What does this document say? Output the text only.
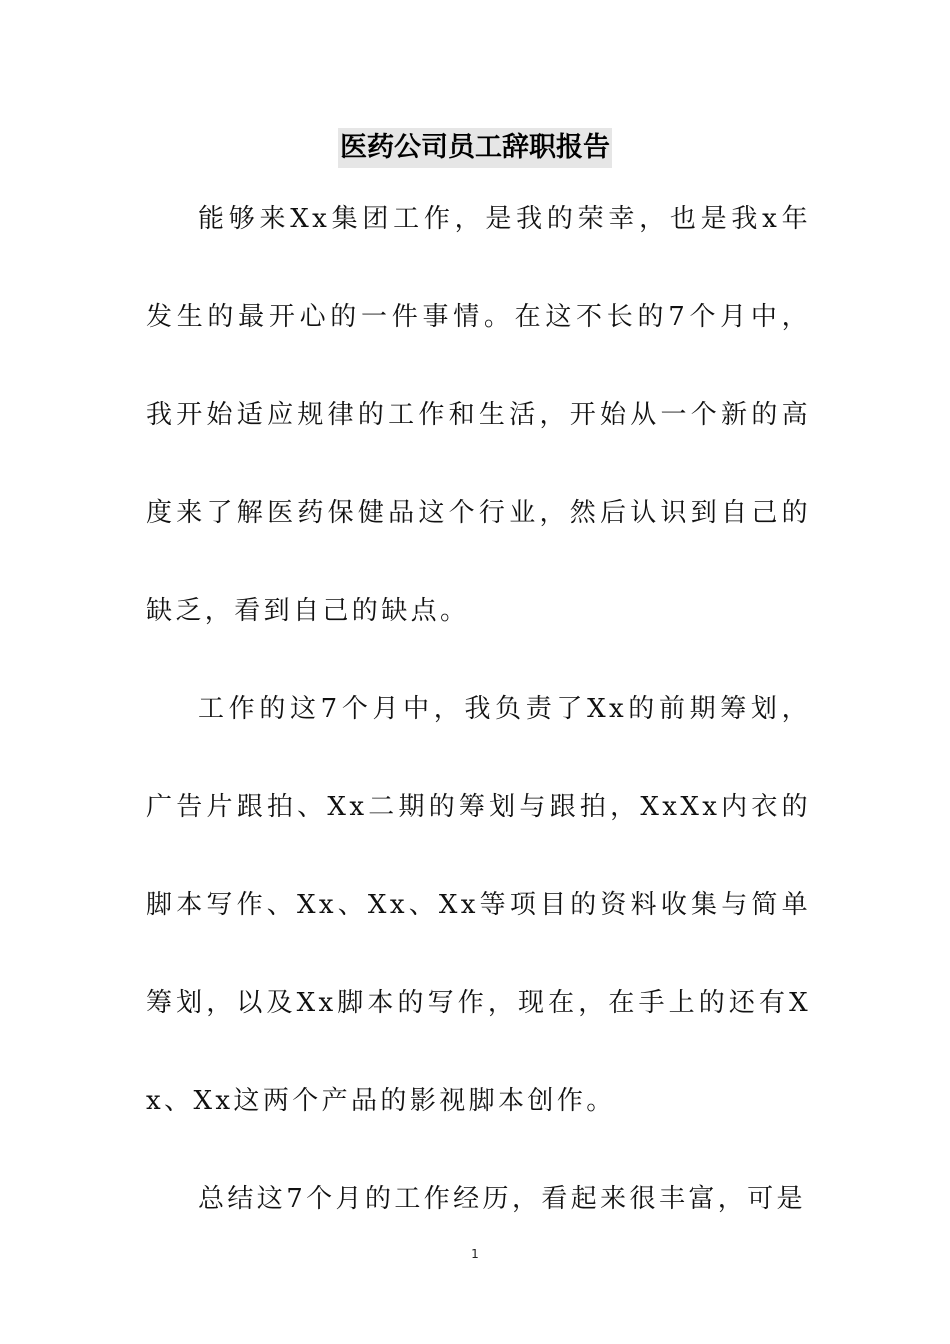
医药公司员工辞职报告

能够来Xx集团工作，是我的荣幸，也是我x年发生的最开心的一件事情。在这不长的7个月中，我开始适应规律的工作和生活，开始从一个新的高度来了解医药保健品这个行业，然后认识到自己的缺乏，看到自己的缺点。

工作的这7个月中，我负责了Xx的前期筹划，广告片跟拍、Xx二期的筹划与跟拍，XxXx内衣的脚本写作、Xx、Xx、Xx等项目的资料收集与简单筹划，以及Xx脚本的写作，现在，在手上的还有Xx、Xx这两个产品的影视脚本创作。

总结这7个月的工作经历，看起来很丰富，可是

1
